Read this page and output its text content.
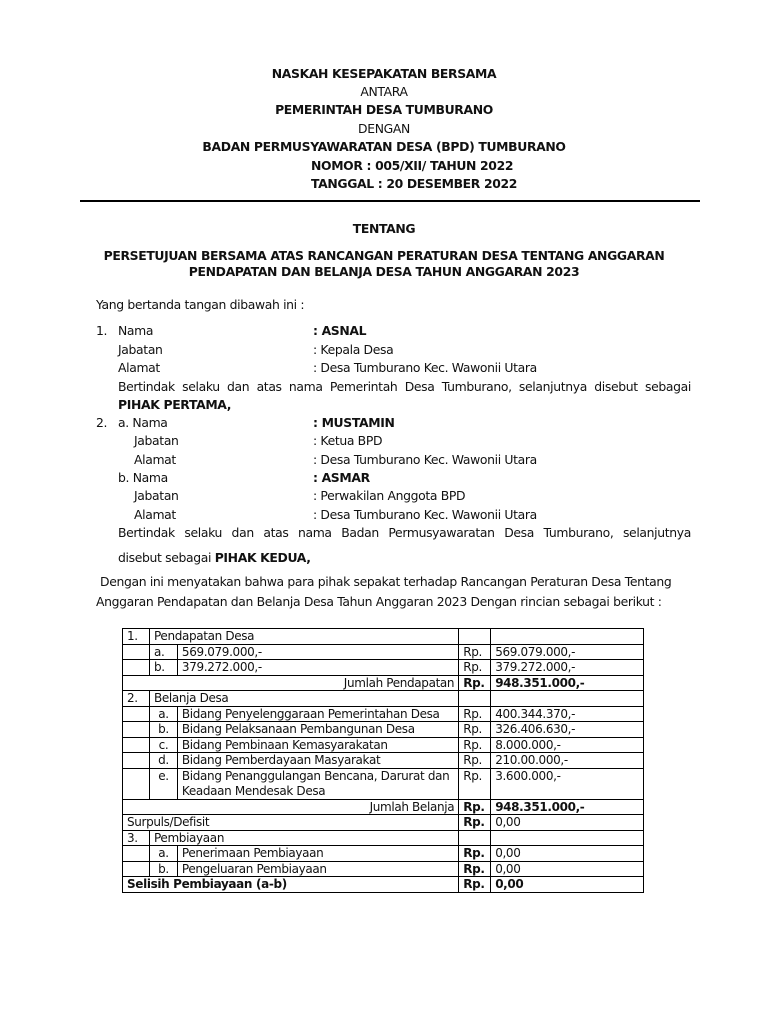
NASKAH KESEPAKATAN BERSAMA
ANTARA
PEMERINTAH DESA TUMBURANO
DENGAN
BADAN PERMUSYAWARATAN DESA (BPD) TUMBURANO
NOMOR : 005/XII/ TAHUN 2022
TANGGAL : 20 DESEMBER 2022
TENTANG
PERSETUJUAN BERSAMA ATAS RANCANGAN PERATURAN DESA TENTANG ANGGARAN
PENDAPATAN DAN BELANJA DESA TAHUN ANGGARAN 2023
Yang bertanda tangan dibawah ini :
1. Nama	: ASNAL
Jabatan	: Kepala Desa
Alamat	: Desa Tumburano Kec. Wawonii Utara
Bertindak selaku dan atas nama Pemerintah Desa Tumburano, selanjutnya disebut sebagai
PIHAK PERTAMA,
2. a. Nama	: MUSTAMIN
Jabatan	: Ketua BPD
Alamat	: Desa Tumburano Kec. Wawonii Utara
b. Nama	: ASMAR
Jabatan	: Perwakilan Anggota BPD
Alamat	: Desa Tumburano Kec. Wawonii Utara
Bertindak selaku dan atas nama Badan Permusyawaratan Desa Tumburano, selanjutnya
disebut sebagai PIHAK KEDUA,
Dengan ini menyatakan bahwa para pihak sepakat terhadap Rancangan Peraturan Desa Tentang
Anggaran Pendapatan dan Belanja Desa Tahun Anggaran 2023 Dengan rincian sebagai berikut :
1.	Pendapatan Desa			
	a.	569.079.000,-	Rp.	569.079.000,-
	b.	379.272.000,-	Rp.	379.272.000,-
Jumlah Pendapatan			Rp.	948.351.000,-
2.	Belanja Desa			
	a.	Bidang Penyelenggaraan Pemerintahan Desa	Rp.	400.344.370,-
	b.	Bidang Pelaksanaan Pembangunan Desa	Rp.	326.406.630,-
	c.	Bidang Pembinaan Kemasyarakatan	Rp.	8.000.000,-
	d.	Bidang Pemberdayaan Masyarakat	Rp.	210.00.000,-
	e.	Bidang Penanggulangan Bencana, Darurat dan
Keadaan Mendesak Desa	Rp.	3.600.000,-
Jumlah Belanja			Rp.	948.351.000,-
Surpuls/Defisit			Rp.	0,00
3.	Pembiayaan			
	a.	Penerimaan Pembiayaan	Rp.	0,00
	b.	Pengeluaran Pembiayaan	Rp.	0,00
Selisih Pembiayaan (a-b)			Rp.	0,00
